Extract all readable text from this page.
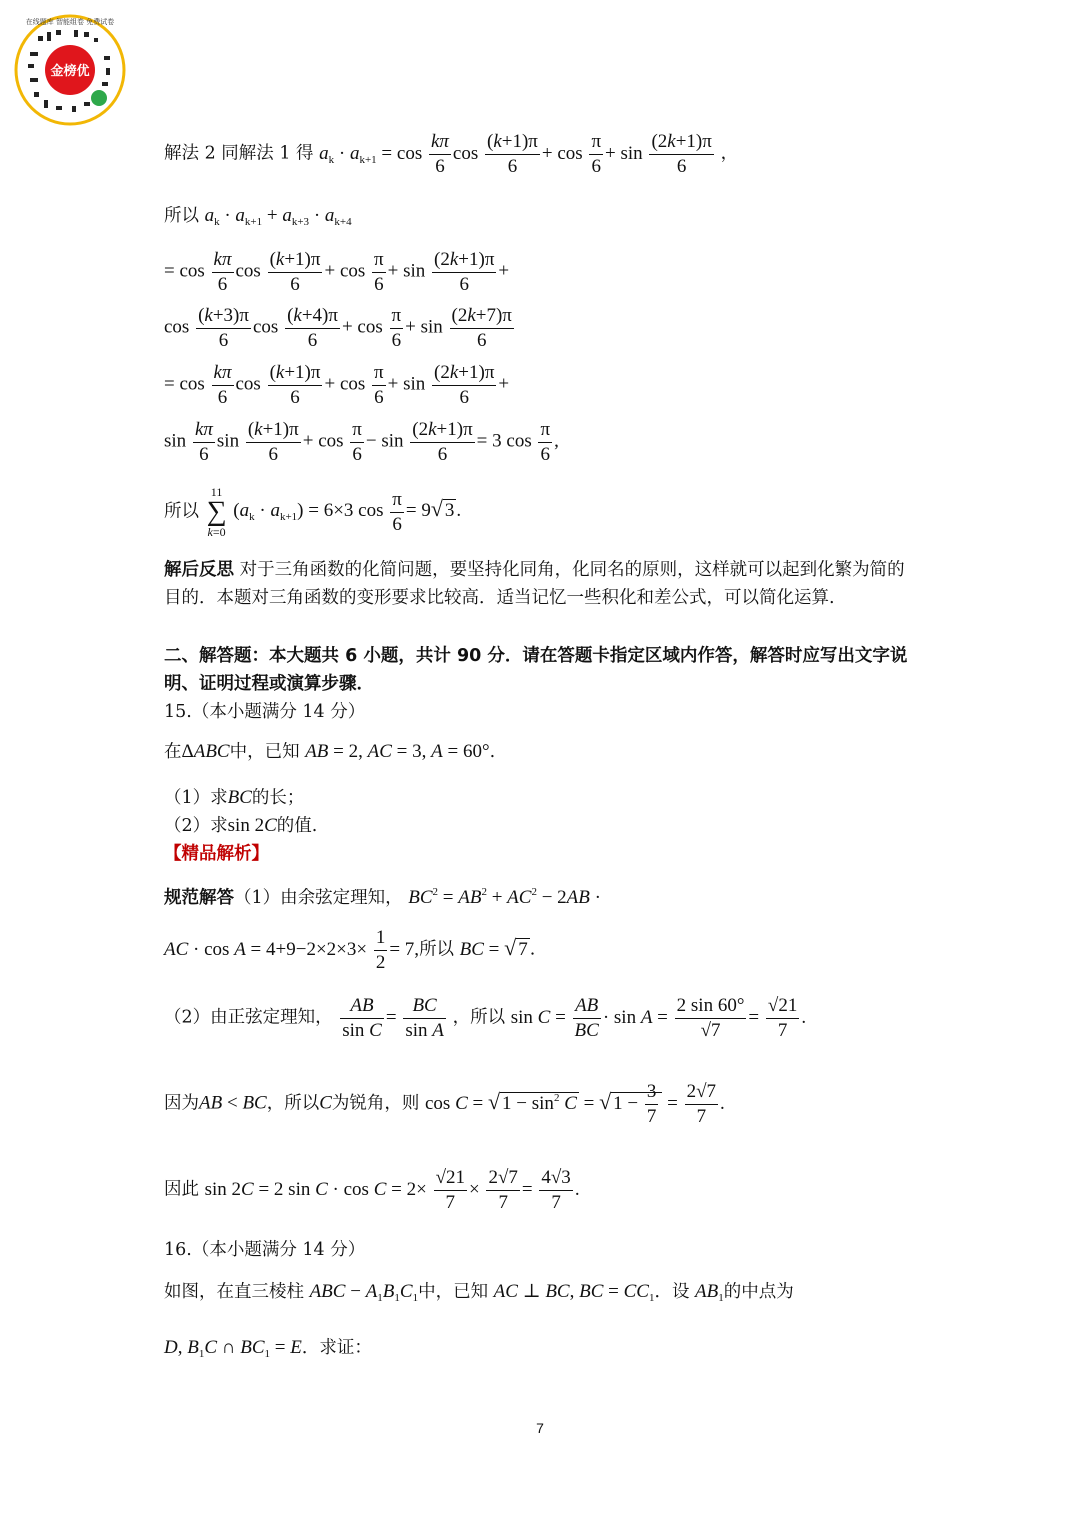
金榜优
在线题库 智能组卷 免费试卷
解法 2 同解法 1 得 $a_k \cdot a_{k+1} = \cos \frac{k\pi}{6}$ $\cos \frac{(k+1)\pi}{6} + \cos \frac{\pi}{6} + \sin \frac{(2k+1)\pi}{6}$ ，
所以 $a_k \cdot a_{k+1} + a_{k+3} \cdot a_{k+4}$
= $\cos \frac{k\pi}{6}$ $\cos \frac{(k+1)\pi}{6} + \cos \frac{\pi}{6} + \sin \frac{(2k+1)\pi}{6}$ +
$\cos \frac{(k+3)\pi}{6}$ $\cos \frac{(k+4)\pi}{6} + \cos \frac{\pi}{6} + \sin \frac{(2k+7)\pi}{6}$
= $\cos \frac{k\pi}{6}$ $\cos \frac{(k+1)\pi}{6} + \cos \frac{\pi}{6} + \sin \frac{(2k+1)\pi}{6}$ +
$\sin \frac{k\pi}{6}$ $\sin \frac{(k+1)\pi}{6} + \cos \frac{\pi}{6} - \sin \frac{(2k+1)\pi}{6} = 3$ $\cos \frac{\pi}{6}$ ,
所以 11
∑
k=0 $(a_k \cdot a_{k+1}) = 6\times 3$ $\cos \frac{\pi}{6} = 9√$ 3 .
解后反思 对于三角函数的化简问题，要坚持化同角，化同名的原则，这样就可以起到化繁为简的目的．本题对三角函数的变形要求比较高．适当记忆一些积化和差公式，可以简化运算.
二、解答题：本大题共 6 小题，共计 90 分．请在答题卡指定区域内作答，解答时应写出文字说明、证明过程或演算步骤．
15.（本小题满分 14 分）
在ΔABC中，已知 AB = 2, AC = 3, A = 60°.
（1）求BC的长；
（2）求sin 2C的值.
【精品解析】
规范解答（1）由余弦定理知， $BC^2 = AB^2 + AC^2 - 2AB$ ·
AC · $\cos A = 4+9-2\times 2\times 3\times \frac{1}{2} = 7$,所以 BC = √ 7 .
（2）由正弦定理知， $\frac{AB}{\text{sin C}} = \frac{BC}{\text{sin A}}$ ，所以 $\sin C = \frac{AB}{BC} \cdot \sin A = \frac{2 \sin 60^\circ}{√7} = \frac{√21}{7}$ .
因为AB < BC，所以C为锐角，则 cos C = √ $1 - \sin^2 C$ = √ $1 - \frac{3}{7} = \frac{2√7}{7}$ .
因此 sin 2C = 2 $\sin C \cdot \cos C = 2\times \frac{√21}{7} \times \frac{2√7}{7} = \frac{4√3}{7}$ .
16.（本小题满分 14 分）
如图，在直三棱柱 ABC − $A_1B_1C_1$中，已知 AC ⊥ BC, BC = $CC_1$．设 $AB_1$的中点为
D, $B_1C$ ∩ $BC_1 = E$．求证：
7
